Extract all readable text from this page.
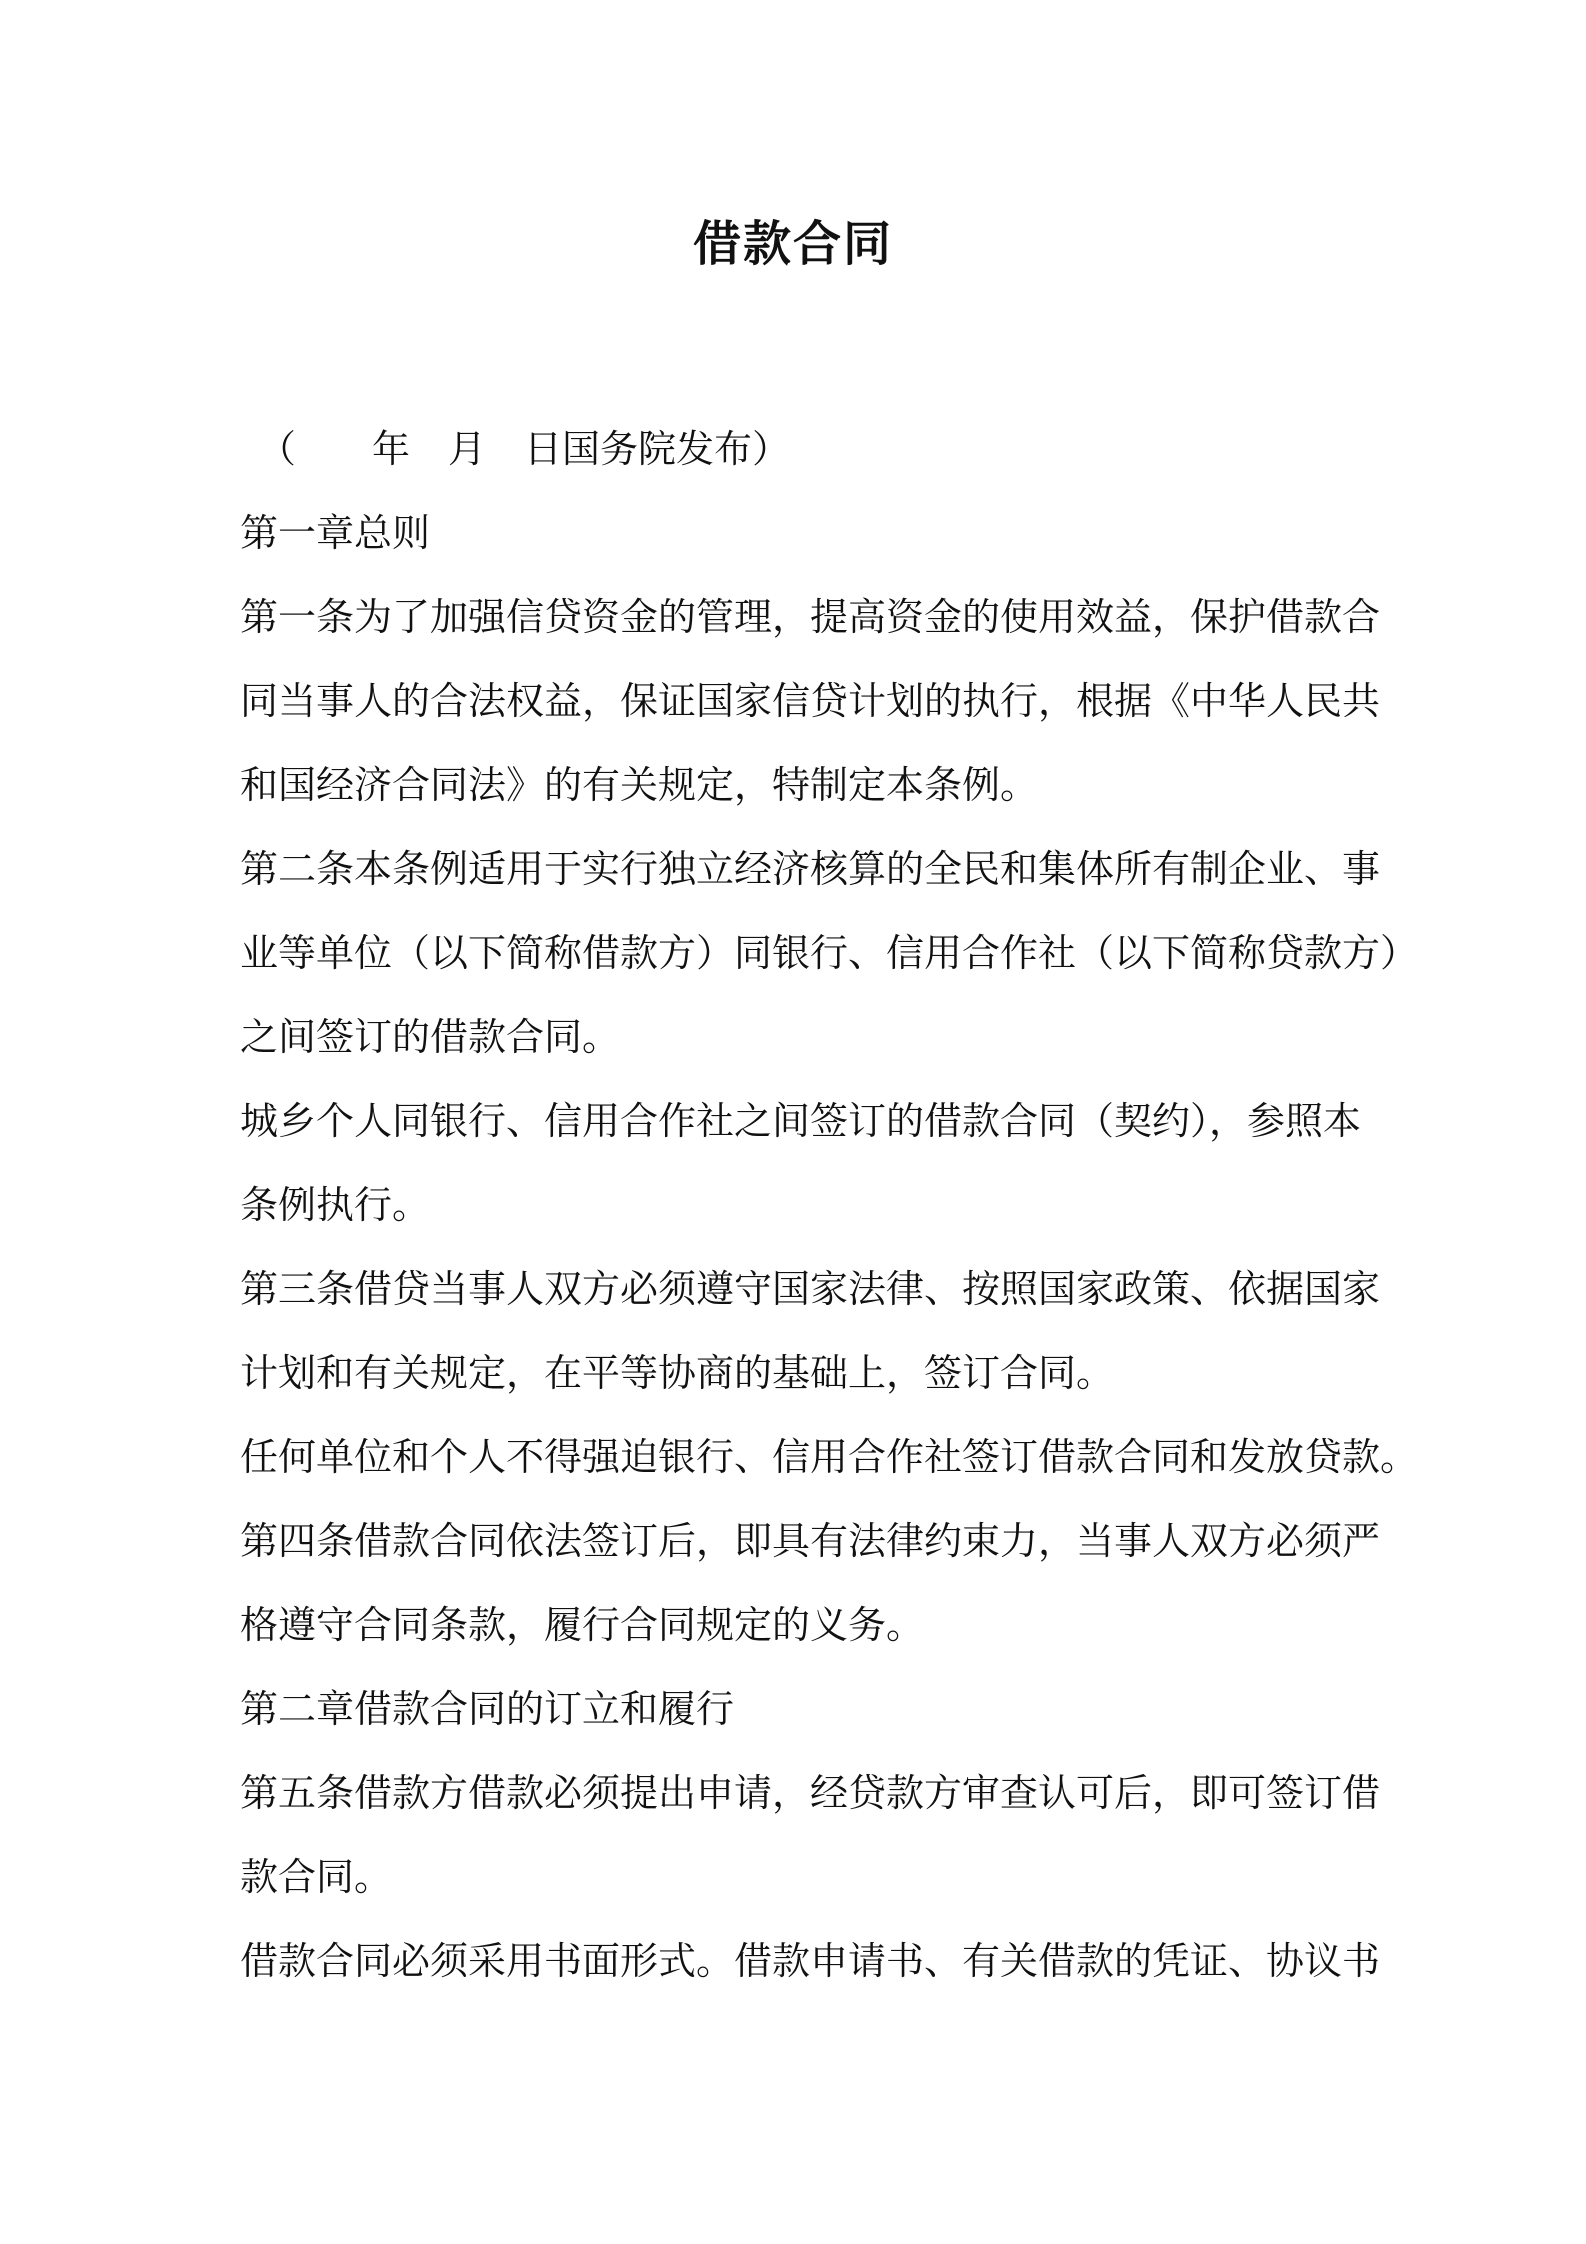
借款合同
（　　年　月　日国务院发布）
第一章总则
第一条为了加强信贷资金的管理，提高资金的使用效益，保护借款合
同当事人的合法权益，保证国家信贷计划的执行，根据《中华人民共
和国经济合同法》的有关规定，特制定本条例。
第二条本条例适用于实行独立经济核算的全民和集体所有制企业、事
业等单位（以下简称借款方）同银行、信用合作社（以下简称贷款方）
之间签订的借款合同。
城乡个人同银行、信用合作社之间签订的借款合同（契约），参照本
条例执行。
第三条借贷当事人双方必须遵守国家法律、按照国家政策、依据国家
计划和有关规定，在平等协商的基础上，签订合同。
任何单位和个人不得强迫银行、信用合作社签订借款合同和发放贷款。
第四条借款合同依法签订后，即具有法律约束力，当事人双方必须严
格遵守合同条款，履行合同规定的义务。
第二章借款合同的订立和履行
第五条借款方借款必须提出申请，经贷款方审查认可后，即可签订借
款合同。
借款合同必须采用书面形式。借款申请书、有关借款的凭证、协议书
